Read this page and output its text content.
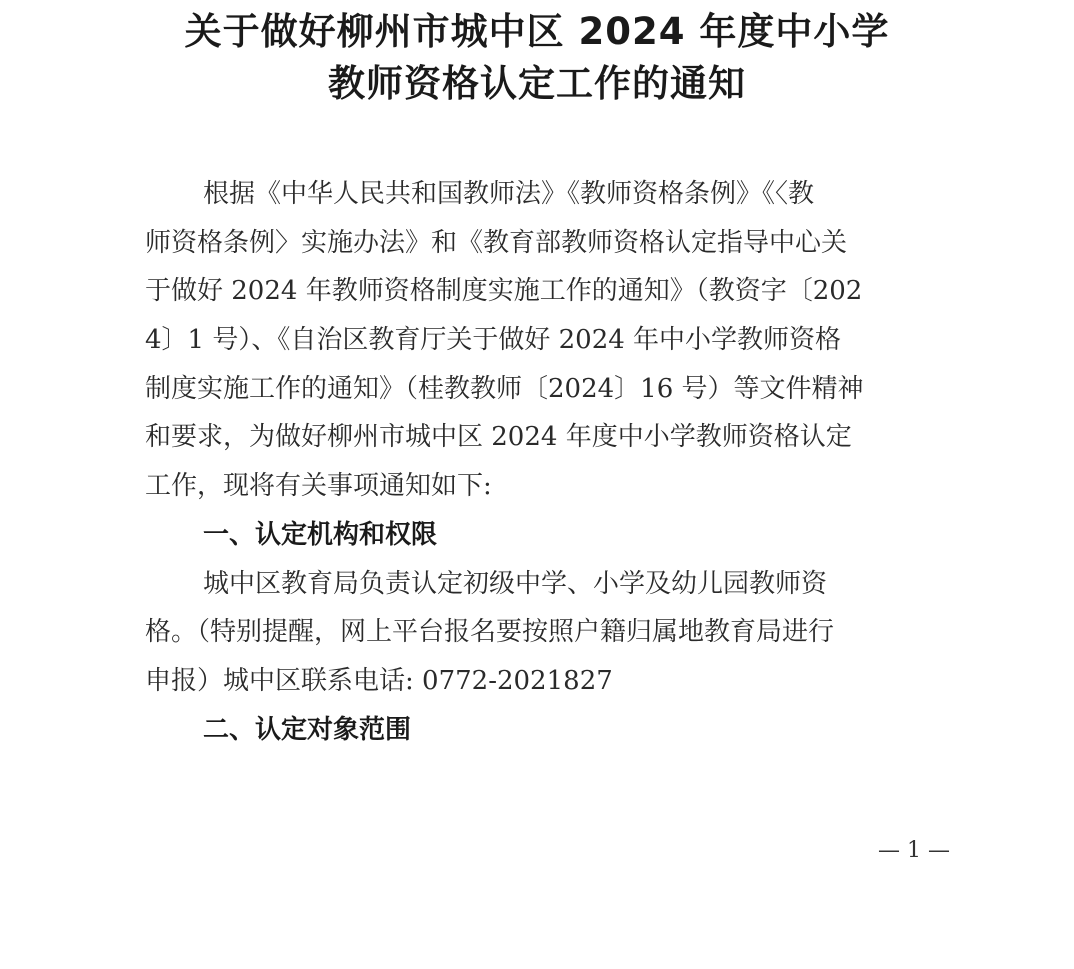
关于做好柳州市城中区 2024 年度中小学
教师资格认定工作的通知
根据《中华人民共和国教师法》《教师资格条例》《〈教
师资格条例〉实施办法》和《教育部教师资格认定指导中心关
于做好 2024 年教师资格制度实施工作的通知》（教资字〔202
4〕1 号）、《自治区教育厅关于做好 2024 年中小学教师资格
制度实施工作的通知》（桂教教师〔2024〕16 号）等文件精神
和要求，为做好柳州市城中区 2024 年度中小学教师资格认定
工作，现将有关事项通知如下:
一、认定机构和权限
城中区教育局负责认定初级中学、小学及幼儿园教师资
格。（特别提醒，网上平台报名要按照户籍归属地教育局进行
申报）城中区联系电话: 0772-2021827
二、认定对象范围
— 1 —
